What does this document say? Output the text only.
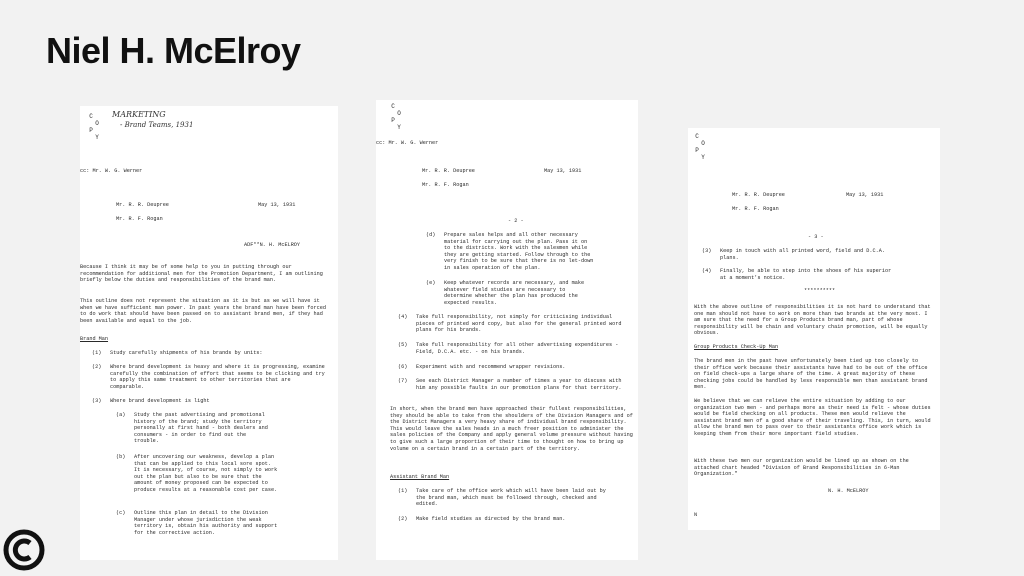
Niel H. McElroy
C
O
P
Y
MARKETING
- Brand Teams, 1931
cc: Mr. W. G. Werner
Mr. R. R. Deupree	May 13, 1931
Mr. R. F. Rogan
ADF**N. H. McELROY
Because I think it may be of some help to you in putting through our recommendation for additional men for the Promotion Department, I am outlining briefly below the duties and responsibilities of the brand man.
This outline does not represent the situation as it is but as we will have it when we have sufficient man power. In past years the brand man have been forced to do work that should have been passed on to assistant brand men, if they had been available and equal to the job.
Brand Man
(1) Study carefully shipments of his brands by units:
(2) Where brand development is heavy and where it is progressing, examine carefully the combination of effort that seems to be clicking and try to apply this same treatment to other territories that are comparable.
(3) Where brand development is light
(a) Study the past advertising and promotional history of the brand; study the territory personally at first hand - both dealers and consumers - in order to find out the trouble.
(b) After uncovering our weakness, develop a plan that can be applied to this local sore spot. It is necessary, of course, not simply to work out the plan but also to be sure that the amount of money proposed can be expected to produce results at a reasonable cost per case.
(c) Outline this plan in detail to the Division Manager under whose jurisdiction the weak territory is, obtain his authority and support for the corrective action.
C
O
P
Y
cc: Mr. W. G. Werner
Mr. R. R. Deupree	May 13, 1931
Mr. R. F. Rogan
- 2 -
(d) Prepare sales helps and all other necessary material for carrying out the plan. Pass it on to the districts. Work with the salesmen while they are getting started. Follow through to the very finish to be sure that there is no let-down in sales operation of the plan.
(e) Keep whatever records are necessary, and make whatever field studies are necessary to determine whether the plan has produced the expected results.
(4) Take full responsibility, not simply for criticising individual pieces of printed word copy, but also for the general printed word plans for his brands.
(5) Take full responsibility for all other advertising expenditures - Field, D.C.A. etc. - on his brands.
(6) Experiment with and recommend wrapper revisions.
(7) See each District Manager a number of times a year to discuss with him any possible faults in our promotion plans for that territory.
In short, when the brand men have approached their fullest responsibilities, they should be able to take from the shoulders of the Division Managers and of the District Managers a very heavy share of individual brand responsibility. This would leave the sales heads in a much freer position to administer the sales policies of the Company and apply general volume pressure without having to give such a large proportion of their time to thought on how to bring up volume on a certain brand in a certain part of the territory.
Assistant Brand Man
(1) Take care of the office work which will have been laid out by the brand man, which must be followed through, checked and edited.
(2) Make field studies as directed by the brand man.
C
O
P
Y
Mr. R. R. Deupree	May 13, 1931
Mr. R. F. Rogan
- 3 -
(3) Keep in touch with all printed word, field and D.C.A. plans.
(4) Finally, be able to step into the shoes of his superior at a moment's notice.
**********
With the above outline of responsibilities it is not hard to understand that one man should not have to work on more than two brands at the very most. I am sure that the need for a Group Products brand man, part of whose responsibility will be chain and voluntary chain promotion, will be equally obvious.
Group Products Check-Up Man
The brand men in the past have unfortunately been tied up too closely to their office work because their assistants have had to be out of the office on field check-ups a large share of the time. A great majority of these checking jobs could be handled by less responsible men than assistant brand men.
We believe that we can relieve the entire situation by adding to our organization two men - and perhaps more as their need is felt - whose duties would be field checking on all products. These men would relieve the assistant brand men of a good share of their traveling. This, in turn, would allow the brand men to pass over to their assistants office work which is keeping them from their more important field studies.
With these two men our organization would be lined up as shown on the attached chart headed "Division of Brand Responsibilities in 6-Man Organization."
N. H. McELROY
N
